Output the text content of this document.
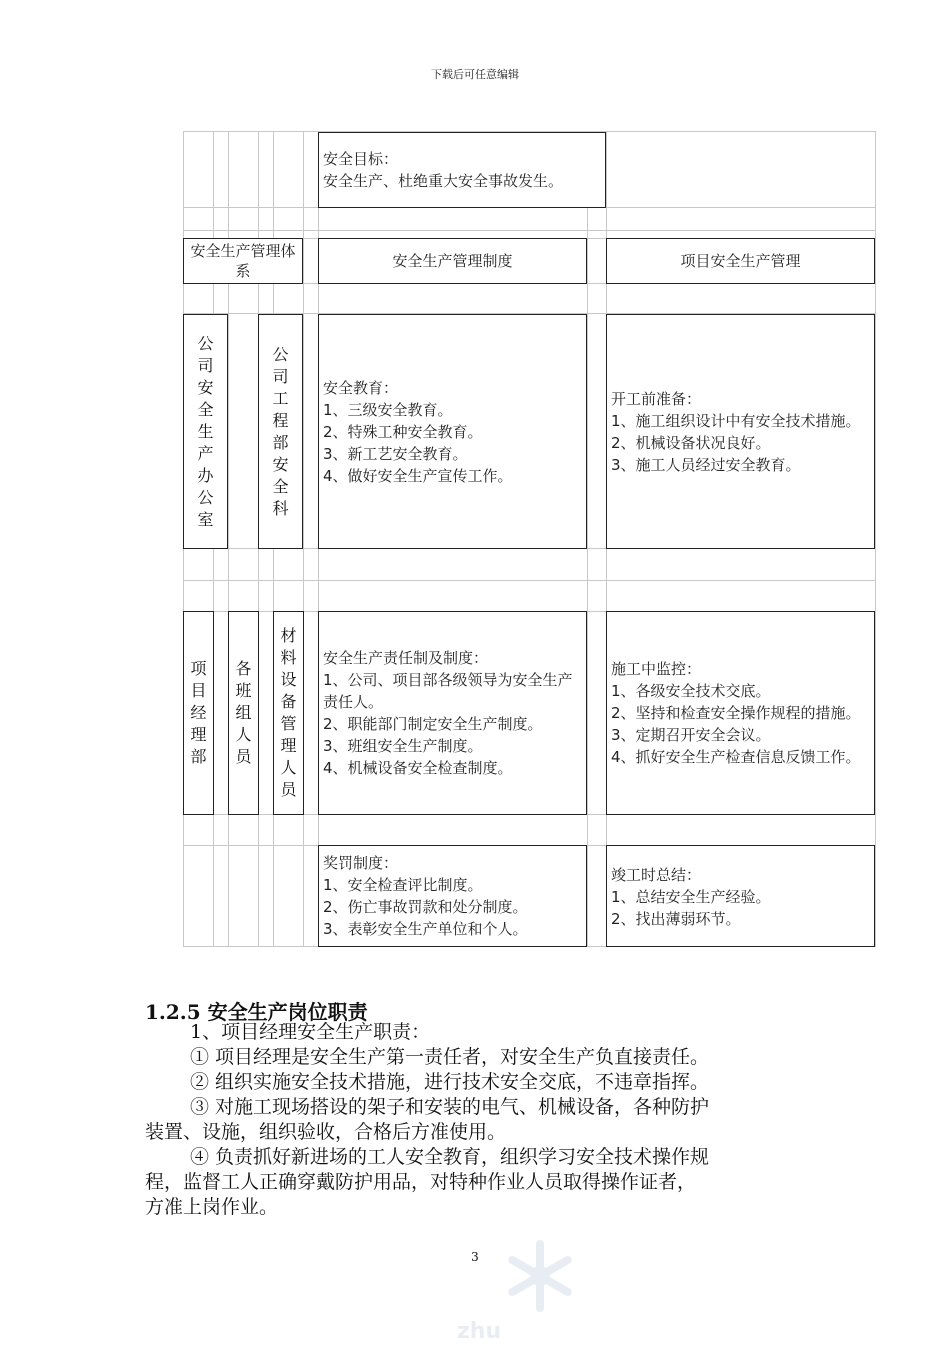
下载后可任意编辑
安全目标：
安全生产、杜绝重大安全事故发生。
安全生产管理体系
安全生产管理制度	项目安全生产管理
公司安全生产办公室
公司工程部安全科
安全教育：
1、三级安全教育。
2、特殊工种安全教育。
3、新工艺安全教育。
4、做好安全生产宣传工作。
开工前准备：
1、施工组织设计中有安全技术措施。
2、机械设备状况良好。
3、施工人员经过安全教育。
项目经理部
各班组人员
材料设备管理人员
安全生产责任制及制度：
1、公司、项目部各级领导为安全生产责任人。
2、职能部门制定安全生产制度。
3、班组安全生产制度。
4、机械设备安全检查制度。
施工中监控：
1、各级安全技术交底。
2、坚持和检查安全操作规程的措施。
3、定期召开安全会议。
4、抓好安全生产检查信息反馈工作。
奖罚制度：
1、安全检查评比制度。
2、伤亡事故罚款和处分制度。
3、表彰安全生产单位和个人。
竣工时总结：
1、总结安全生产经验。
2、找出薄弱环节。
1.2.5 安全生产岗位职责
1、项目经理安全生产职责：
① 项目经理是安全生产第一责任者，对安全生产负直接责任。
② 组织实施安全技术措施，进行技术安全交底，不违章指挥。
③ 对施工现场搭设的架子和安装的电气、机械设备，各种防护
装置、设施，组织验收，合格后方准使用。
④ 负责抓好新进场的工人安全教育，组织学习安全技术操作规
程，监督工人正确穿戴防护用品，对特种作业人员取得操作证者，
方准上岗作业。
3
zhu
